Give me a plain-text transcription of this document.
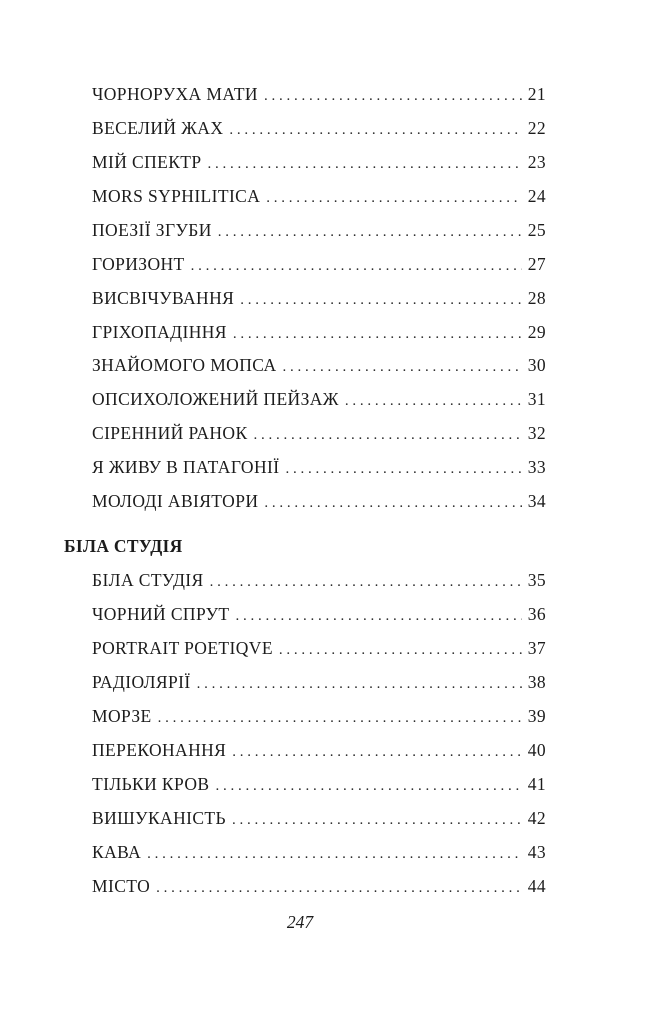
ЧОРНОРУХА МАТИ . . .	21
ВЕСЕЛИЙ ЖАХ . . .	22
МІЙ СПЕКТР . . .	23
MORS SYPHILITICA . . .	24
ПОЕЗІЇ ЗГУБИ . . .	25
ГОРИЗОНТ . . .	27
ВИСВІЧУВАННЯ . . .	28
ГРІХОПАДІННЯ . . .	29
ЗНАЙОМОГО МОПСА . . .	30
ОПСИХОЛОЖЕНИЙ ПЕЙЗАЖ . . .	31
СІРЕННИЙ РАНОК . . .	32
Я ЖИВУ В ПАТАГОНІЇ . . .	33
МОЛОДІ АВІЯТОРИ . . .	34
БІЛА СТУДІЯ
БІЛА СТУДІЯ . . .	35
ЧОРНИЙ СПРУТ . . .	36
PORTRAIT POETIQVE . . .	37
РАДІОЛЯРІЇ . . .	38
МОРЗЕ . . .	39
ПЕРЕКОНАННЯ . . .	40
ТІЛЬКИ КРОВ . . .	41
ВИШУКАНІСТЬ . . .	42
КАВА . . .	43
МІСТО . . .	44
247
